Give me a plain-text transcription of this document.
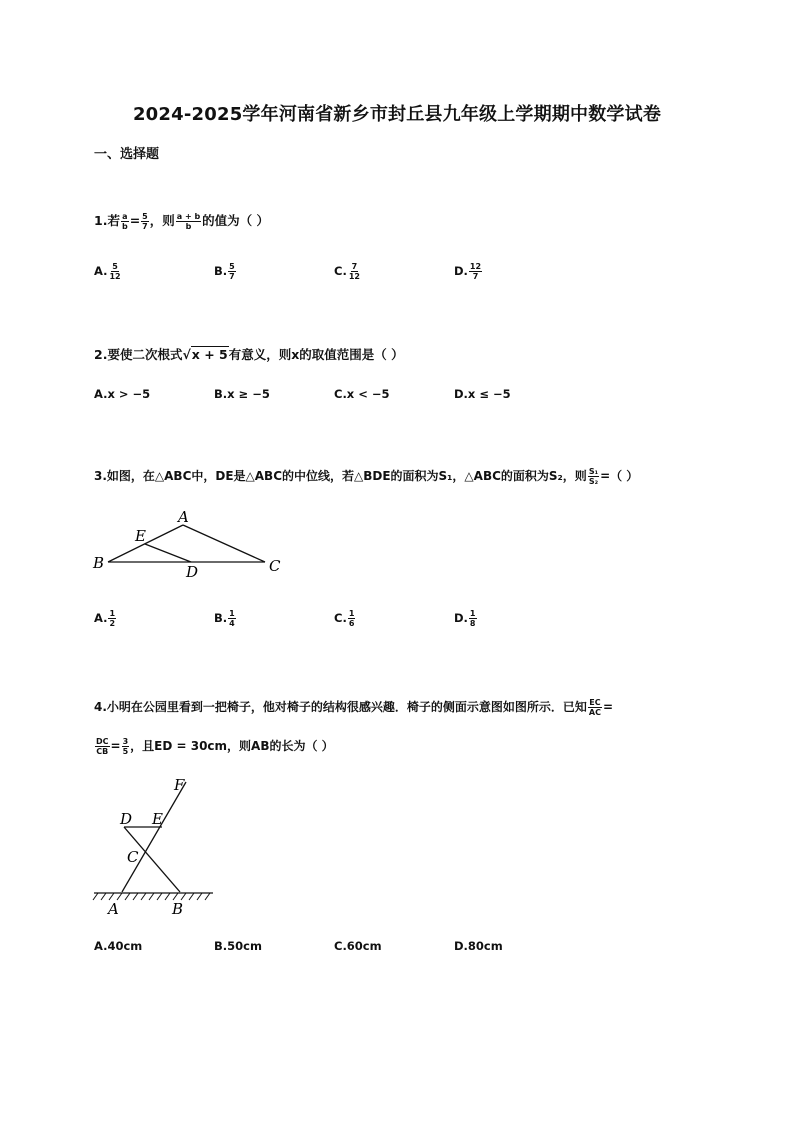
2024-2025学年河南省新乡市封丘县九年级上学期期中数学试卷
一、选择题
1.若 $\frac{a}{b} = \frac{5}{7}$ ，则 $\frac{a + b}{b}$ 的值为（ ）
A. $\frac{5}{12}$	B. $\frac{5}{7}$	C. $\frac{7}{12}$	D. $\frac{12}{7}$
2.要使二次根式√x + 5有意义，则x的取值范围是（ ）
A.x > −5	B.x ≥ −5	C.x < −5	D.x ≤ −5
3.如图，在△ABC中，DE是△ABC的中位线，若△BDE的面积为S₁，△ABC的面积为S₂，则 $\frac{\text{S₁}}{\text{S₂}}$ =（ ）
A
B	C
D
E
A. $\frac{1}{2}$	B. $\frac{1}{4}$	C. $\frac{1}{6}$	D. $\frac{1}{8}$
4.小明在公园里看到一把椅子，他对椅子的结构很感兴趣．椅子的侧面示意图如图所示．已知 $\frac{EC}{AC}$ =
$\frac{DC}{CB} = \frac{3}{5}$ ，且ED = 30cm，则AB的长为（ ）
F
D E
C
A	B
A.40cm	B.50cm	C.60cm	D.80cm
